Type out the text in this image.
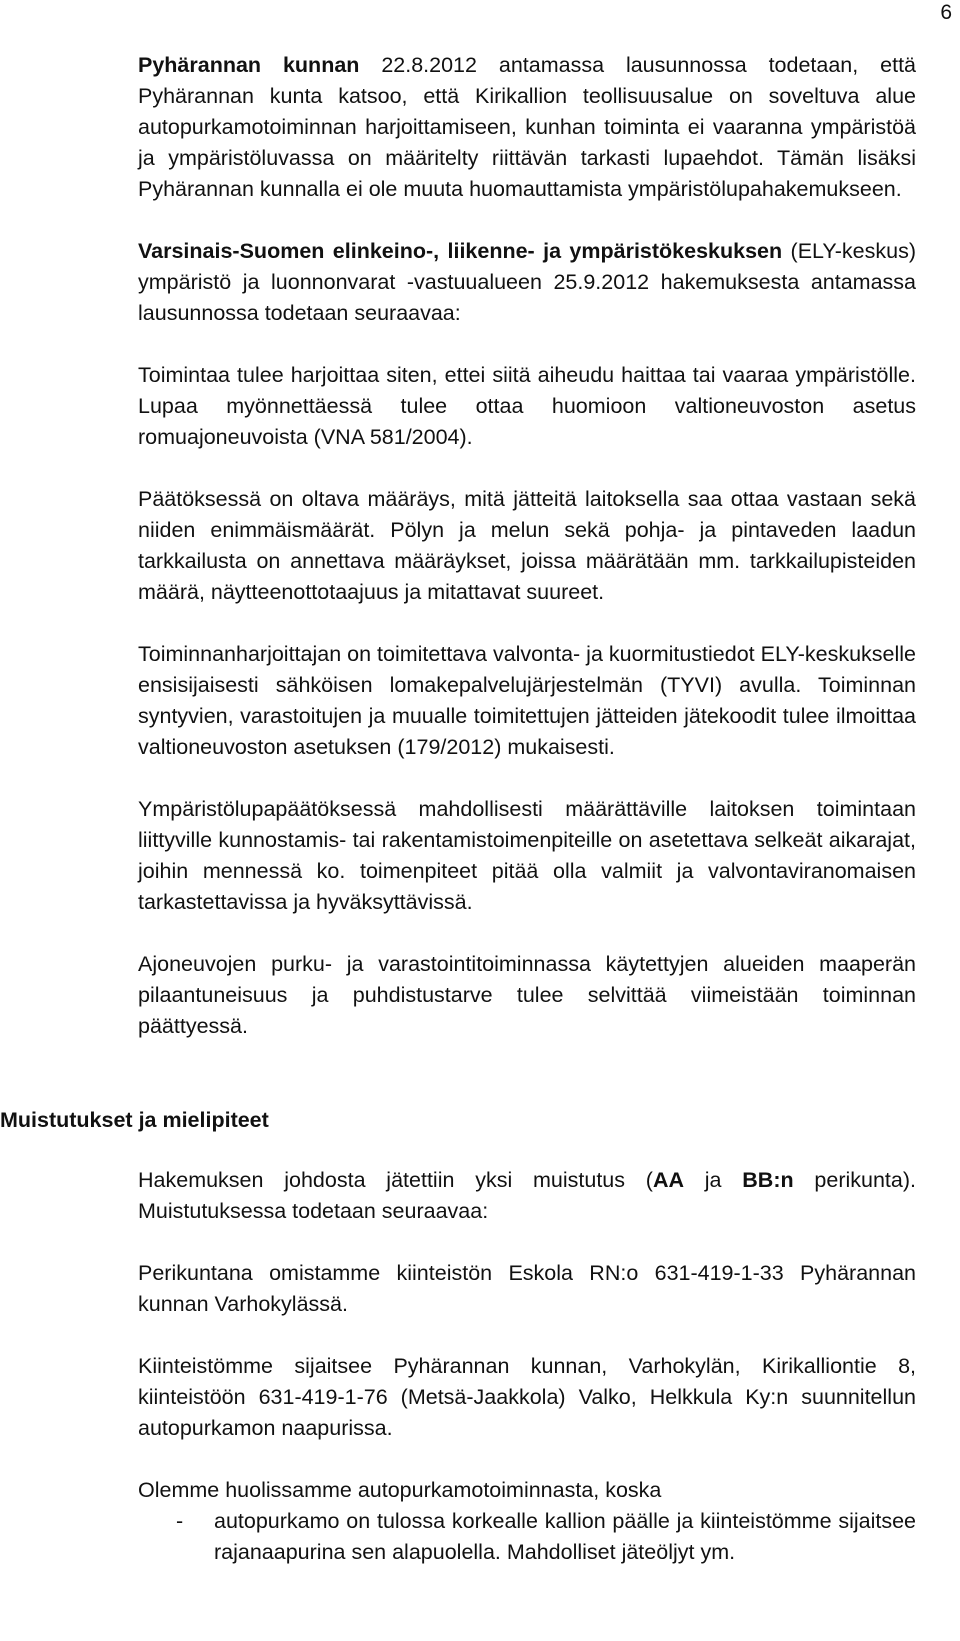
6

Pyhärannan kunnan 22.8.2012 antamassa lausunnossa todetaan, että Pyhärannan kunta katsoo, että Kirikallion teollisuusalue on soveltuva alue autopurkamotoiminnan harjoittamiseen, kunhan toiminta ei vaaranna ympäristöä ja ympäristöluvassa on määritelty riittävän tarkasti lupaehdot. Tämän lisäksi Pyhärannan kunnalla ei ole muuta huomauttamista ympäristölupahakemukseen.

Varsinais-Suomen elinkeino-, liikenne- ja ympäristökeskuksen (ELY-keskus) ympäristö ja luonnonvarat -vastuualueen 25.9.2012 hakemuksesta antamassa lausunnossa todetaan seuraavaa:

Toimintaa tulee harjoittaa siten, ettei siitä aiheudu haittaa tai vaaraa ympäristölle. Lupaa myönnettäessä tulee ottaa huomioon valtioneuvoston asetus romuajoneuvoista (VNA 581/2004).

Päätöksessä on oltava määräys, mitä jätteitä laitoksella saa ottaa vastaan sekä niiden enimmäismäärät. Pölyn ja melun sekä pohja- ja pintaveden laadun tarkkailusta on annettava määräykset, joissa määrätään mm. tarkkailupisteiden määrä, näytteenottotaajuus ja mitattavat suureet.

Toiminnanharjoittajan on toimitettava valvonta- ja kuormitustiedot ELY-keskukselle ensisijaisesti sähköisen lomakepalvelujärjestelmän (TYVI) avulla. Toiminnan syntyvien, varastoitujen ja muualle toimitettujen jätteiden jätekoodit tulee ilmoittaa valtioneuvoston asetuksen (179/2012) mukaisesti.

Ympäristölupapäätöksessä mahdollisesti määrättäville laitoksen toimintaan liittyville kunnostamis- tai rakentamistoimenpiteille on asetettava selkeät aikarajat, joihin mennessä ko. toimenpiteet pitää olla valmiit ja valvontaviranomaisen tarkastettavissa ja hyväksyttävissä.

Ajoneuvojen purku- ja varastointitoiminnassa käytettyjen alueiden maaperän pilaantuneisuus ja puhdistustarve tulee selvittää viimeistään toiminnan päättyessä.

Muistutukset ja mielipiteet

Hakemuksen johdosta jätettiin yksi muistutus (AA ja BB:n perikunta). Muistutuksessa todetaan seuraavaa:

Perikuntana omistamme kiinteistön Eskola RN:o 631-419-1-33 Pyhärannan kunnan Varhokylässä.

Kiinteistömme sijaitsee Pyhärannan kunnan, Varhokylän, Kirikalliontie 8, kiinteistöön 631-419-1-76 (Metsä-Jaakkola) Valko, Helkkula Ky:n suunnitellun autopurkamon naapurissa.

Olemme huolissamme autopurkamotoiminnasta, koska

- autopurkamo on tulossa korkealle kallion päälle ja kiinteistömme sijaitsee rajanaapurina sen alapuolella. Mahdolliset jäteöljyt ym.
